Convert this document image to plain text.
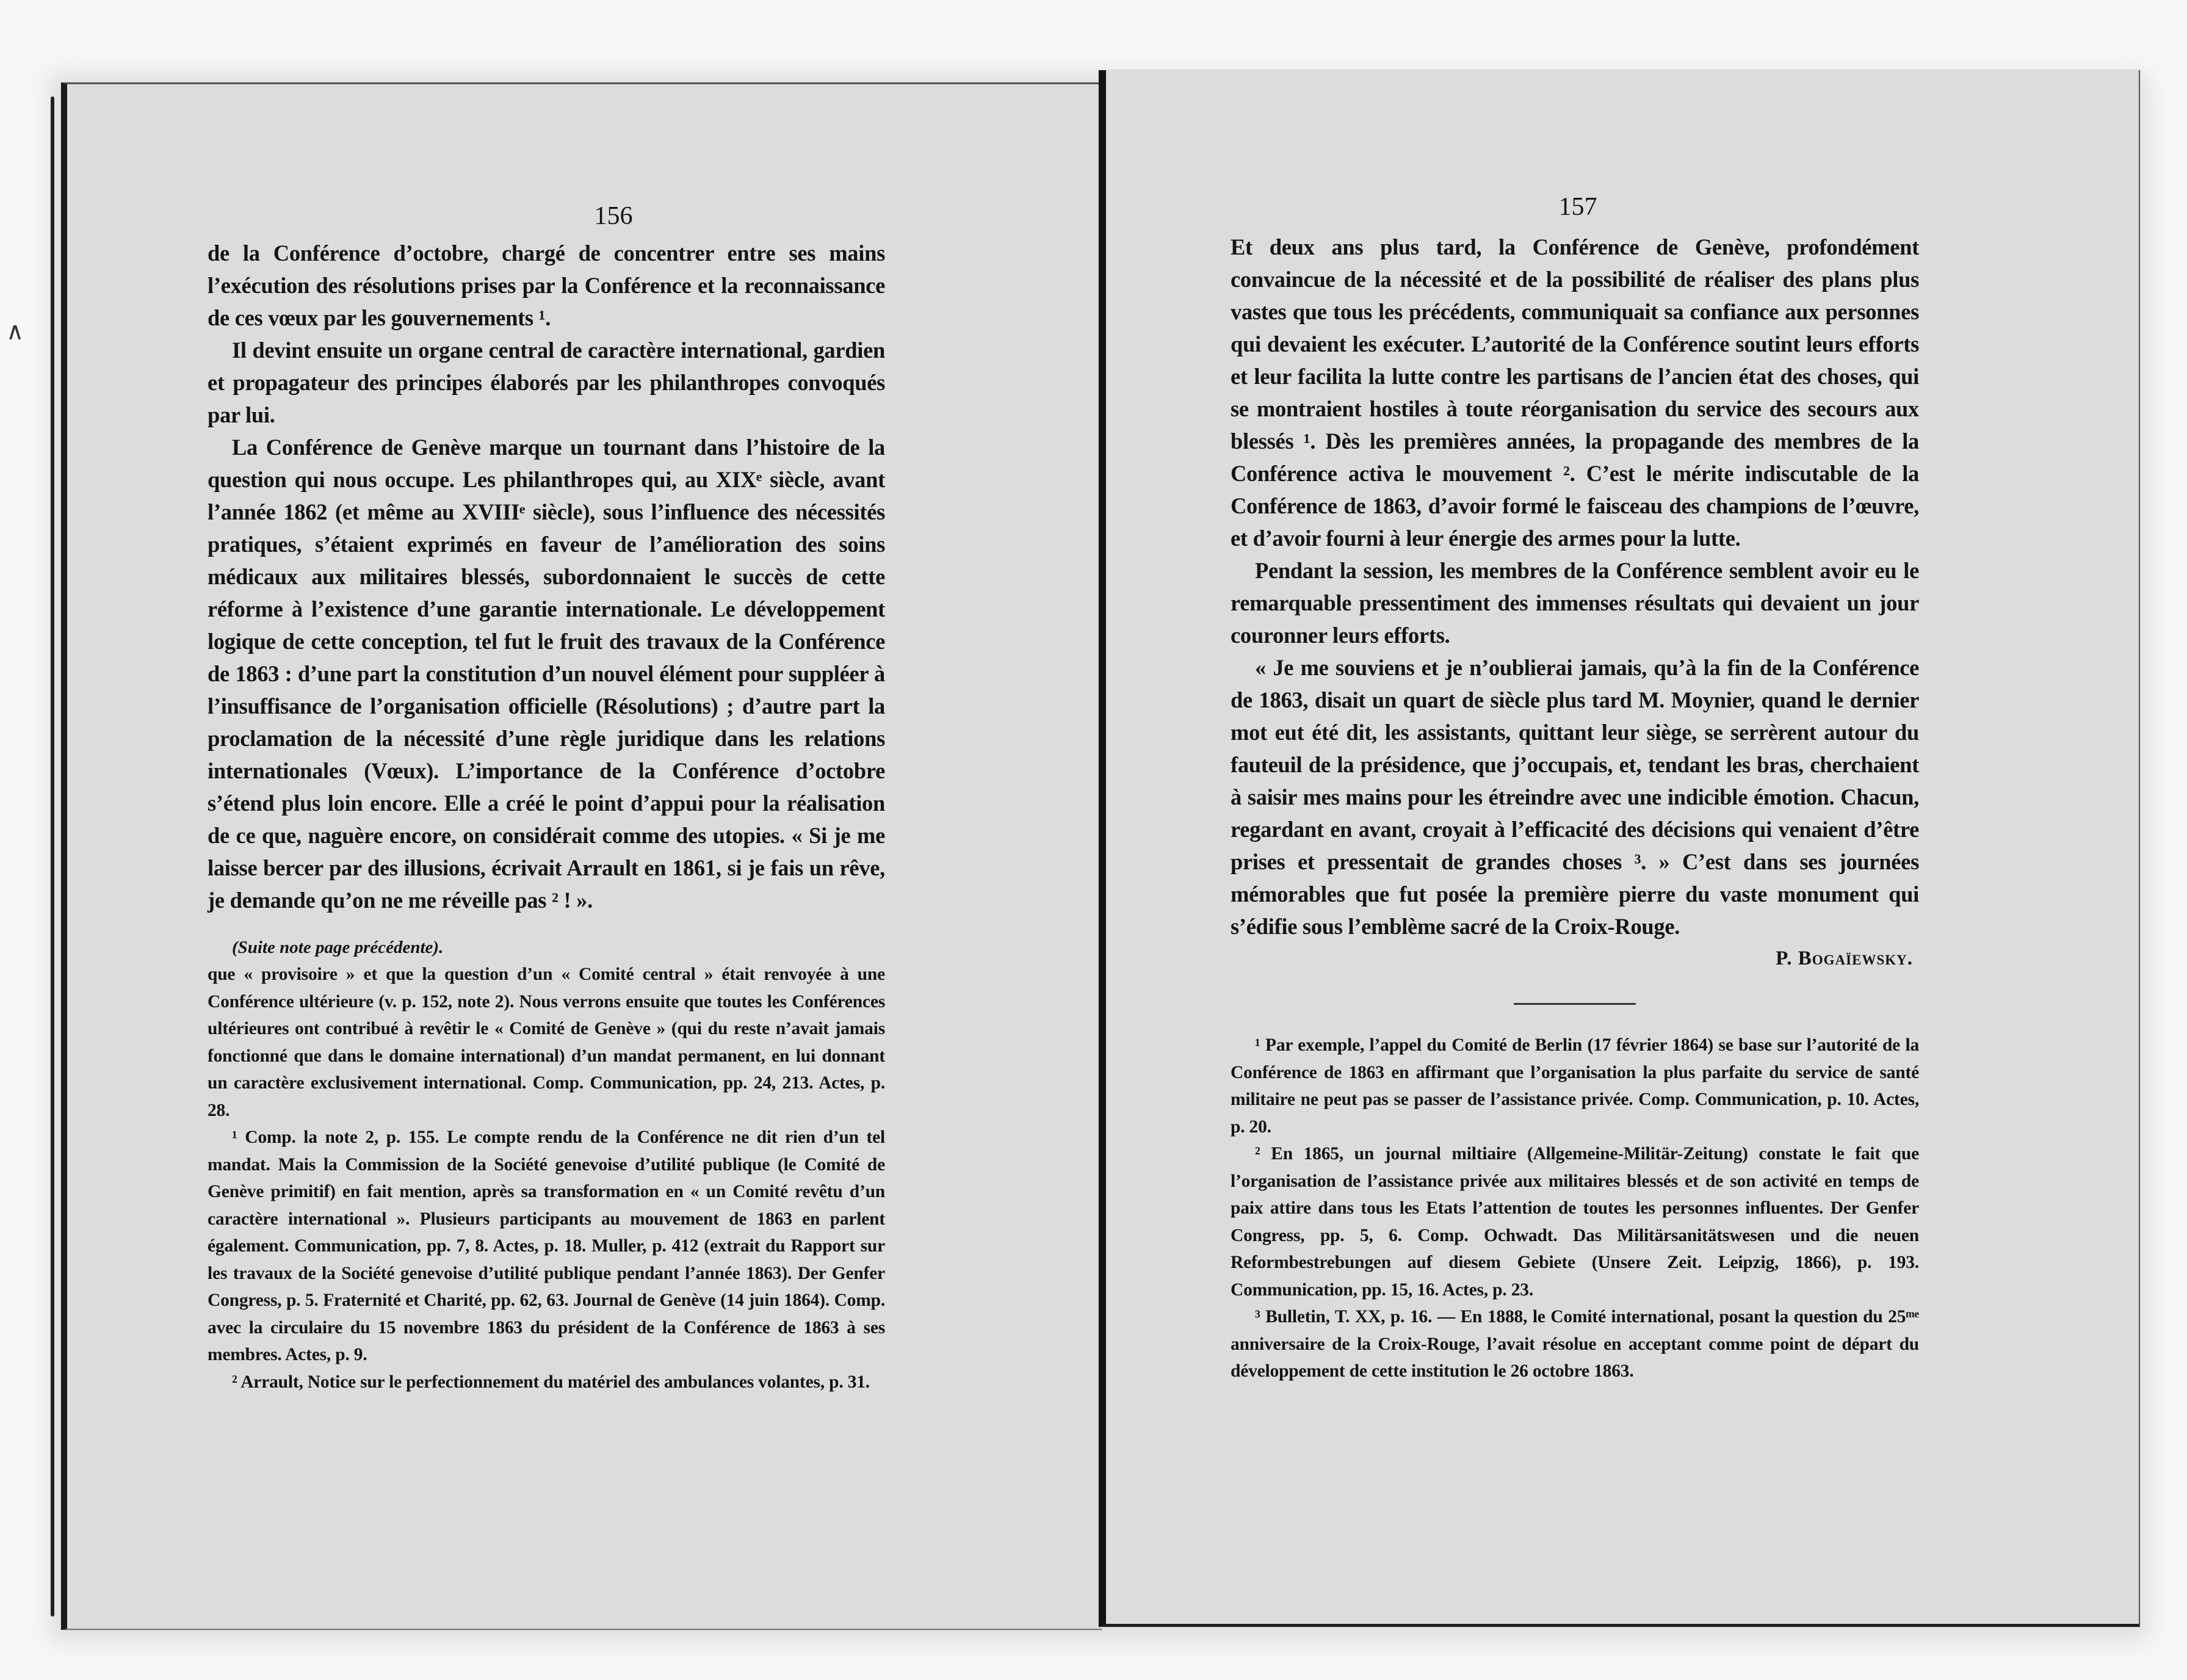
∧
156

de la Conférence d’octobre, chargé de concentrer entre ses mains l’exécution des résolutions prises par la Conférence et la reconnaissance de ces vœux par les gouvernements ¹.

Il devint ensuite un organe central de caractère international, gardien et propagateur des principes élaborés par les philanthropes convoqués par lui.

La Conférence de Genève marque un tournant dans l’histoire de la question qui nous occupe. Les philanthropes qui, au XIXᵉ siècle, avant l’année 1862 (et même au XVIIIᵉ siècle), sous l’influence des nécessités pratiques, s’étaient exprimés en faveur de l’amélioration des soins médicaux aux militaires blessés, subordonnaient le succès de cette réforme à l’existence d’une garantie internationale. Le développement logique de cette conception, tel fut le fruit des travaux de la Conférence de 1863 : d’une part la constitution d’un nouvel élément pour suppléer à l’insuffisance de l’organisation officielle (Résolutions) ; d’autre part la proclamation de la nécessité d’une règle juridique dans les relations internationales (Vœux). L’importance de la Conférence d’octobre s’étend plus loin encore. Elle a créé le point d’appui pour la réalisation de ce que, naguère encore, on considérait comme des utopies. « Si je me laisse bercer par des illusions, écrivait Arrault en 1861, si je fais un rêve, je demande qu’on ne me réveille pas ² ! ».

(Suite note page précédente).

que « provisoire » et que la question d’un « Comité central » était renvoyée à une Conférence ultérieure (v. p. 152, note 2). Nous verrons ensuite que toutes les Conférences ultérieures ont contribué à revêtir le « Comité de Genève » (qui du reste n’avait jamais fonctionné que dans le domaine international) d’un mandat permanent, en lui donnant un caractère exclusivement international. Comp. Communication, pp. 24, 213. Actes, p. 28.

¹ Comp. la note 2, p. 155. Le compte rendu de la Conférence ne dit rien d’un tel mandat. Mais la Commission de la Société genevoise d’utilité publique (le Comité de Genève primitif) en fait mention, après sa transformation en « un Comité revêtu d’un caractère international ». Plusieurs participants au mouvement de 1863 en parlent également. Communication, pp. 7, 8. Actes, p. 18. Muller, p. 412 (extrait du Rapport sur les travaux de la Société genevoise d’utilité publique pendant l’année 1863). Der Genfer Congress, p. 5. Fraternité et Charité, pp. 62, 63. Journal de Genève (14 juin 1864). Comp. avec la circulaire du 15 novembre 1863 du président de la Conférence de 1863 à ses membres. Actes, p. 9.

² Arrault, Notice sur le perfectionnement du matériel des ambulances volantes, p. 31.

157

Et deux ans plus tard, la Conférence de Genève, profondément convaincue de la nécessité et de la possibilité de réaliser des plans plus vastes que tous les précédents, communiquait sa confiance aux personnes qui devaient les exécuter. L’autorité de la Conférence soutint leurs efforts et leur facilita la lutte contre les partisans de l’ancien état des choses, qui se montraient hostiles à toute réorganisation du service des secours aux blessés ¹. Dès les premières années, la propagande des membres de la Conférence activa le mouvement ². C’est le mérite indiscutable de la Conférence de 1863, d’avoir formé le faisceau des champions de l’œuvre, et d’avoir fourni à leur énergie des armes pour la lutte.

Pendant la session, les membres de la Conférence semblent avoir eu le remarquable pressentiment des immenses résultats qui devaient un jour couronner leurs efforts.

« Je me souviens et je n’oublierai jamais, qu’à la fin de la Conférence de 1863, disait un quart de siècle plus tard M. Moynier, quand le dernier mot eut été dit, les assistants, quittant leur siège, se serrèrent autour du fauteuil de la présidence, que j’occupais, et, tendant les bras, cherchaient à saisir mes mains pour les étreindre avec une indicible émotion. Chacun, regardant en avant, croyait à l’efficacité des décisions qui venaient d’être prises et pressentait de grandes choses ³. » C’est dans ses journées mémorables que fut posée la première pierre du vaste monument qui s’édifie sous l’emblème sacré de la Croix-Rouge.

P. Bogaïewsky.

¹ Par exemple, l’appel du Comité de Berlin (17 février 1864) se base sur l’autorité de la Conférence de 1863 en affirmant que l’organisation la plus parfaite du service de santé militaire ne peut pas se passer de l’assistance privée. Comp. Communication, p. 10. Actes, p. 20.

² En 1865, un journal miltiaire (Allgemeine-Militär-Zeitung) constate le fait que l’organisation de l’assistance privée aux militaires blessés et de son activité en temps de paix attire dans tous les Etats l’attention de toutes les personnes influentes. Der Genfer Congress, pp. 5, 6. Comp. Ochwadt. Das Militärsanitätswesen und die neuen Reformbestrebungen auf diesem Gebiete (Unsere Zeit. Leipzig, 1866), p. 193. Communication, pp. 15, 16. Actes, p. 23.

³ Bulletin, T. XX, p. 16. — En 1888, le Comité international, posant la question du 25ᵐᵉ anniversaire de la Croix-Rouge, l’avait résolue en acceptant comme point de départ du développement de cette institution le 26 octobre 1863.
